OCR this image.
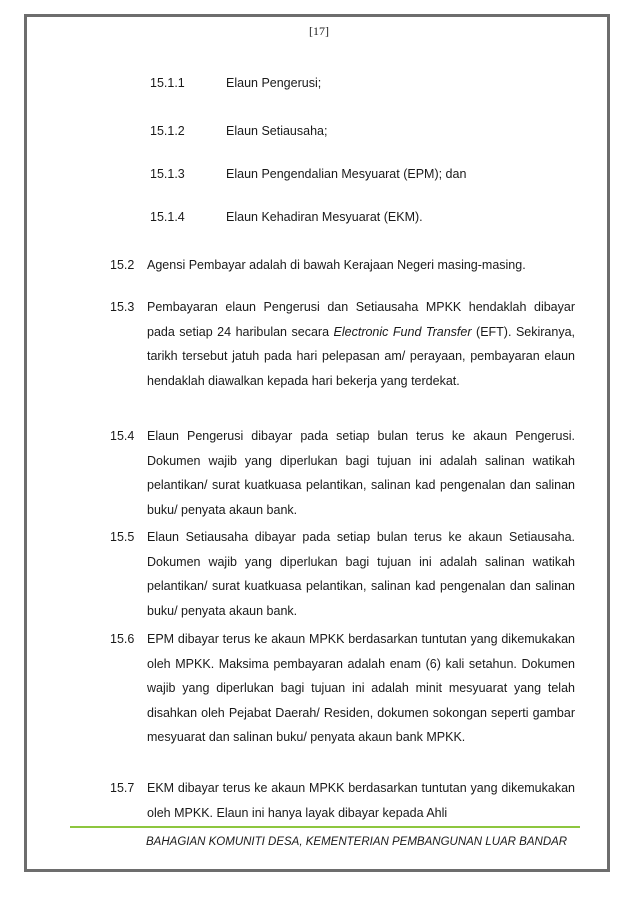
[17]
15.1.1	Elaun Pengerusi;
15.1.2	Elaun Setiausaha;
15.1.3	Elaun Pengendalian Mesyuarat (EPM); dan
15.1.4	Elaun Kehadiran Mesyuarat (EKM).
15.2 Agensi Pembayar adalah di bawah Kerajaan Negeri masing-masing.
15.3 Pembayaran elaun Pengerusi dan Setiausaha MPKK hendaklah dibayar pada setiap 24 haribulan secara Electronic Fund Transfer (EFT). Sekiranya, tarikh tersebut jatuh pada hari pelepasan am/ perayaan, pembayaran elaun hendaklah diawalkan kepada hari bekerja yang terdekat.
15.4 Elaun Pengerusi dibayar pada setiap bulan terus ke akaun Pengerusi. Dokumen wajib yang diperlukan bagi tujuan ini adalah salinan watikah pelantikan/ surat kuatkuasa pelantikan, salinan kad pengenalan dan salinan buku/ penyata akaun bank.
15.5 Elaun Setiausaha dibayar pada setiap bulan terus ke akaun Setiausaha. Dokumen wajib yang diperlukan bagi tujuan ini adalah salinan watikah pelantikan/ surat kuatkuasa pelantikan, salinan kad pengenalan dan salinan buku/ penyata akaun bank.
15.6 EPM dibayar terus ke akaun MPKK berdasarkan tuntutan yang dikemukakan oleh MPKK. Maksima pembayaran adalah enam (6) kali setahun. Dokumen wajib yang diperlukan bagi tujuan ini adalah minit mesyuarat yang telah disahkan oleh Pejabat Daerah/ Residen, dokumen sokongan seperti gambar mesyuarat dan salinan buku/ penyata akaun bank MPKK.
15.7 EKM dibayar terus ke akaun MPKK berdasarkan tuntutan yang dikemukakan oleh MPKK. Elaun ini hanya layak dibayar kepada Ahli
BAHAGIAN KOMUNITI DESA, KEMENTERIAN PEMBANGUNAN LUAR BANDAR
